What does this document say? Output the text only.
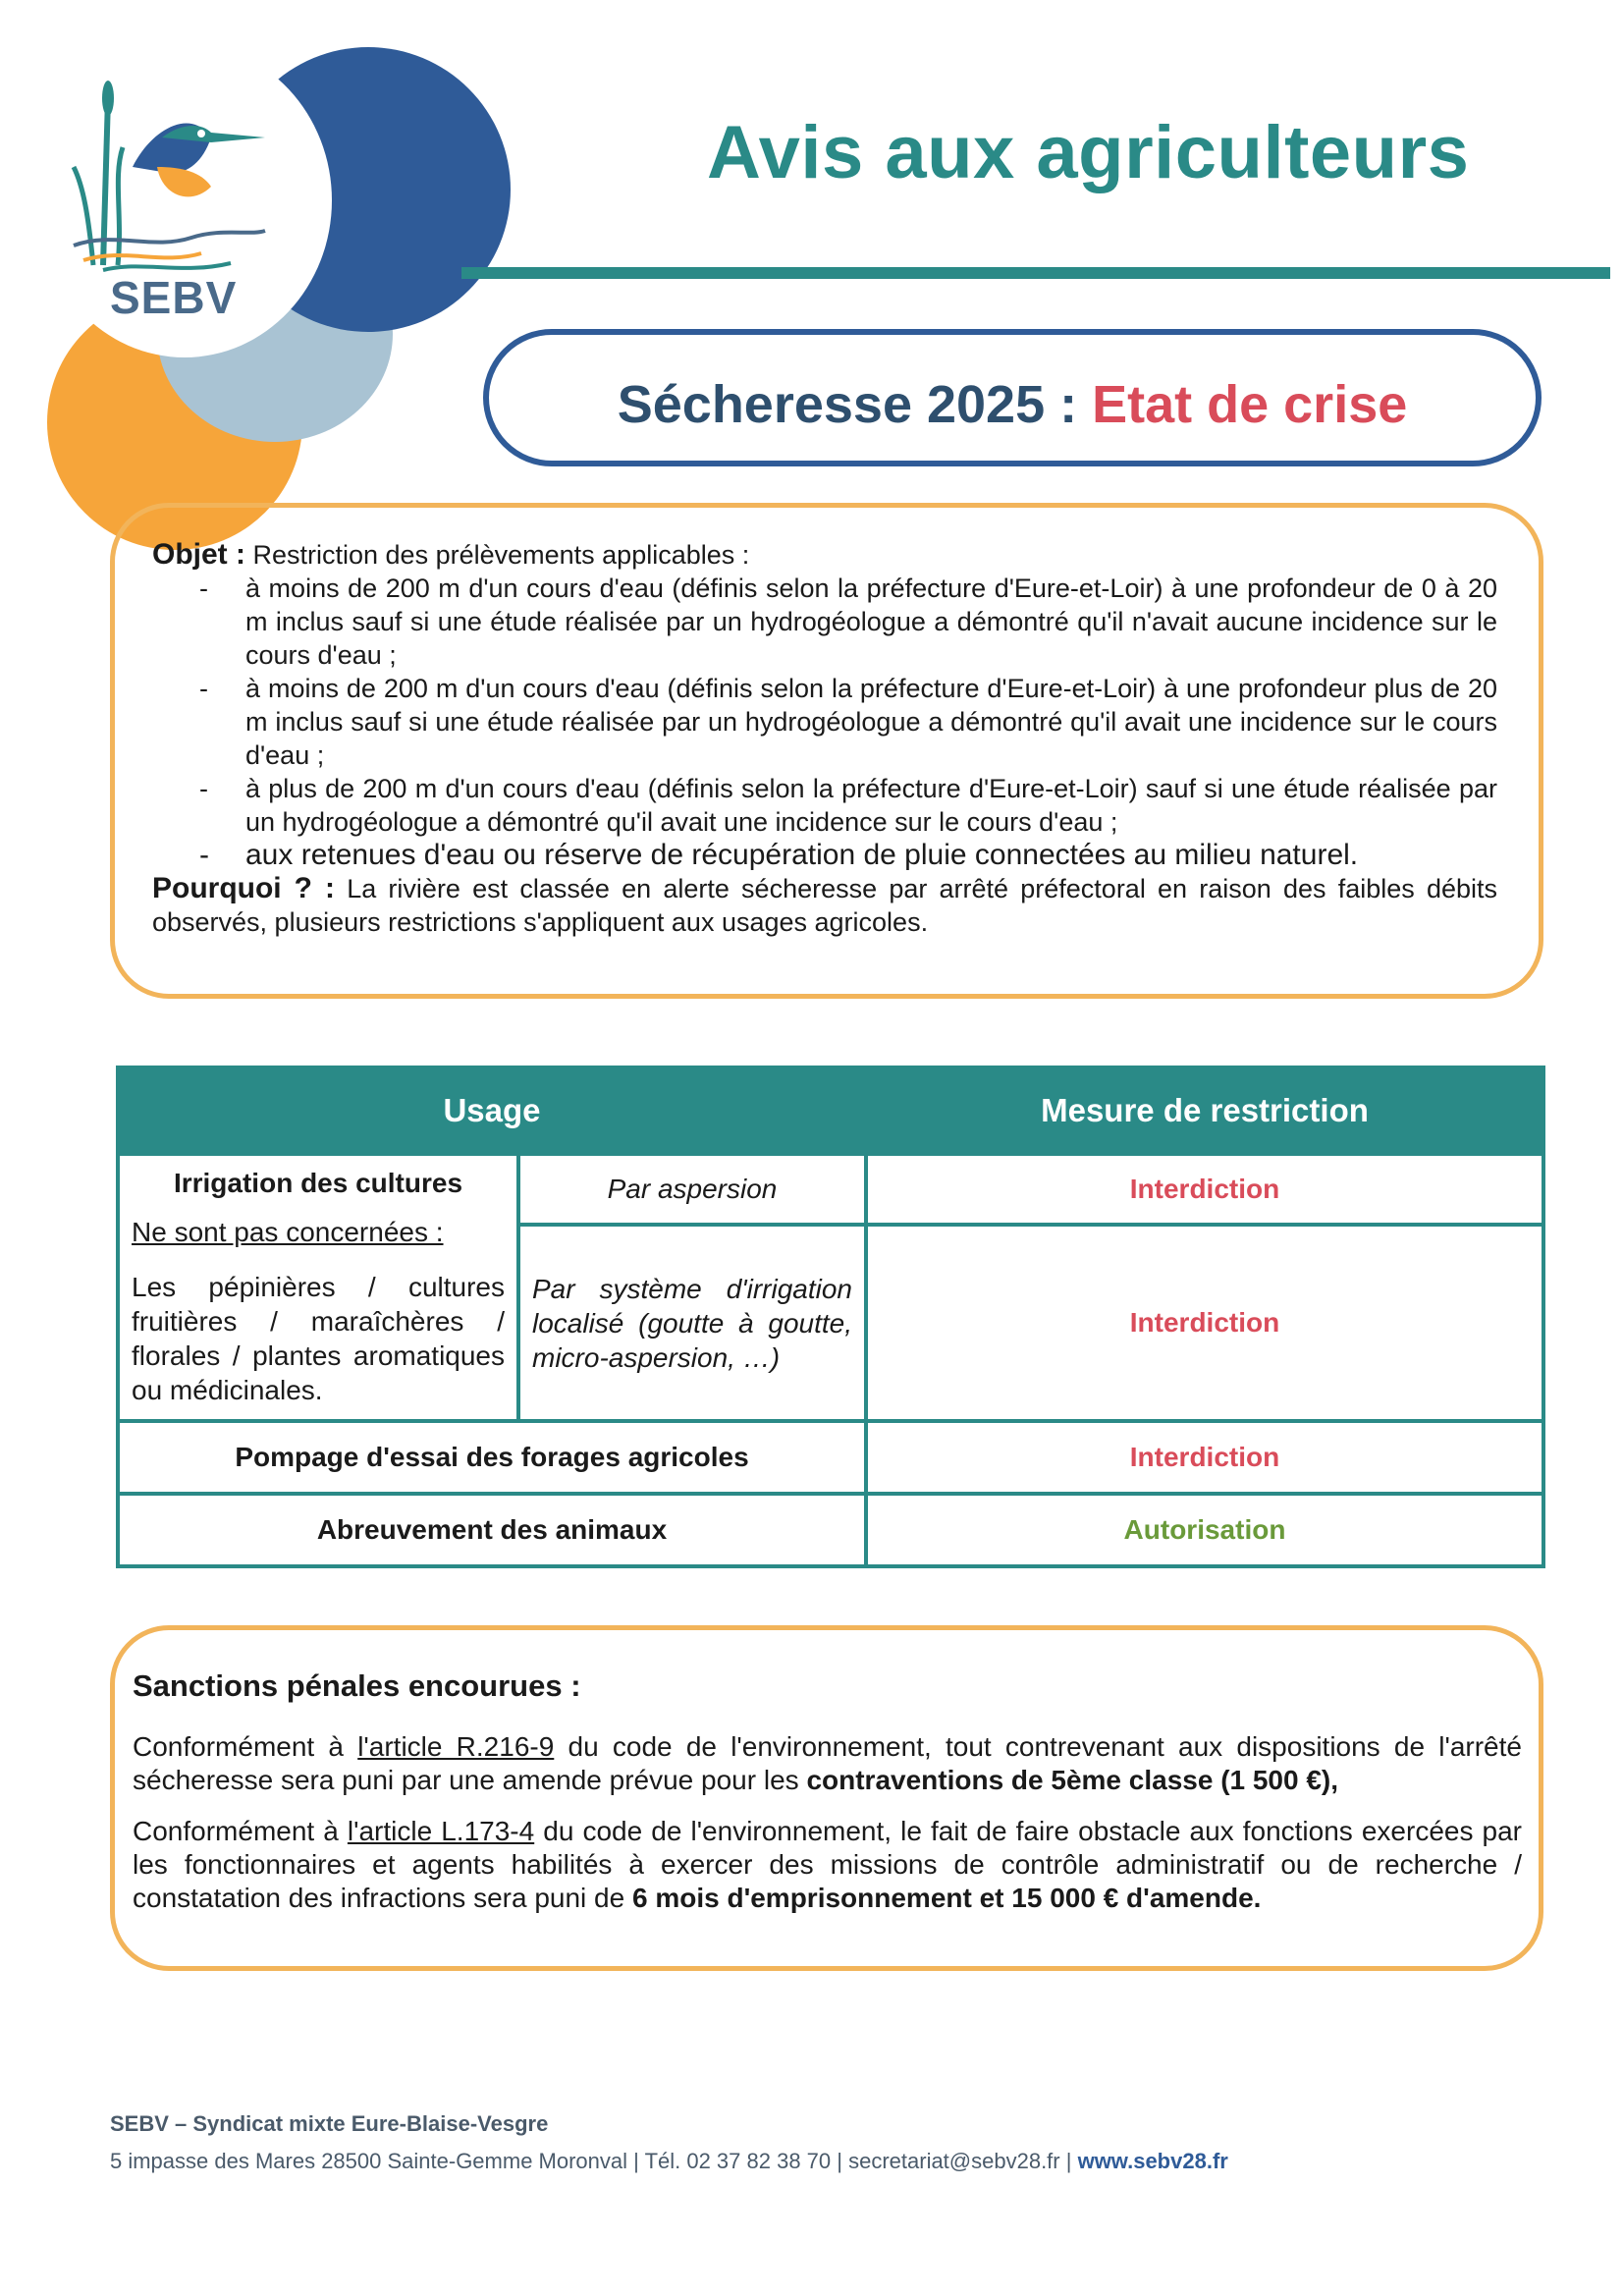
SEBV
Avis aux agriculteurs
Sécheresse 2025 : Etat de crise
Objet : Restriction des prélèvements applicables :
- à moins de 200 m d'un cours d'eau (définis selon la préfecture d'Eure-et-Loir) à une profondeur de 0 à 20 m inclus sauf si une étude réalisée par un hydrogéologue a démontré qu'il n'avait aucune incidence sur le cours d'eau ;
- à moins de 200 m d'un cours d'eau (définis selon la préfecture d'Eure-et-Loir) à une profondeur plus de 20 m inclus sauf si une étude réalisée par un hydrogéologue a démontré qu'il avait une incidence sur le cours d'eau ;
- à plus de 200 m d'un cours d'eau (définis selon la préfecture d'Eure-et-Loir) sauf si une étude réalisée par un hydrogéologue a démontré qu'il avait une incidence sur le cours d'eau ;
- aux retenues d'eau ou réserve de récupération de pluie connectées au milieu naturel.
Pourquoi ? : La rivière est classée en alerte sécheresse par arrêté préfectoral en raison des faibles débits observés, plusieurs restrictions s'appliquent aux usages agricoles.
Usage		Mesure de restriction

Irrigation des cultures
Ne sont pas concernées :
Les pépinières / cultures fruitières / maraîchères / florales / plantes aromatiques ou médicinales.	Par aspersion	Interdiction
	Par système d'irrigation localisé (goutte à goutte, micro-aspersion, …)	Interdiction
Pompage d'essai des forages agricoles		Interdiction
Abreuvement des animaux		Autorisation
Sanctions pénales encourues :

Conformément à l'article R.216-9 du code de l'environnement, tout contrevenant aux dispositions de l'arrêté sécheresse sera puni par une amende prévue pour les contraventions de 5ème classe (1 500 €),

Conformément à l'article L.173-4 du code de l'environnement, le fait de faire obstacle aux fonctions exercées par les fonctionnaires et agents habilités à exercer des missions de contrôle administratif ou de recherche / constatation des infractions sera puni de 6 mois d'emprisonnement et 15 000 € d'amende.

SEBV – Syndicat mixte Eure-Blaise-Vesgre
5 impasse des Mares 28500 Sainte-Gemme Moronval | Tél. 02 37 82 38 70 | secretariat@sebv28.fr | www.sebv28.fr
